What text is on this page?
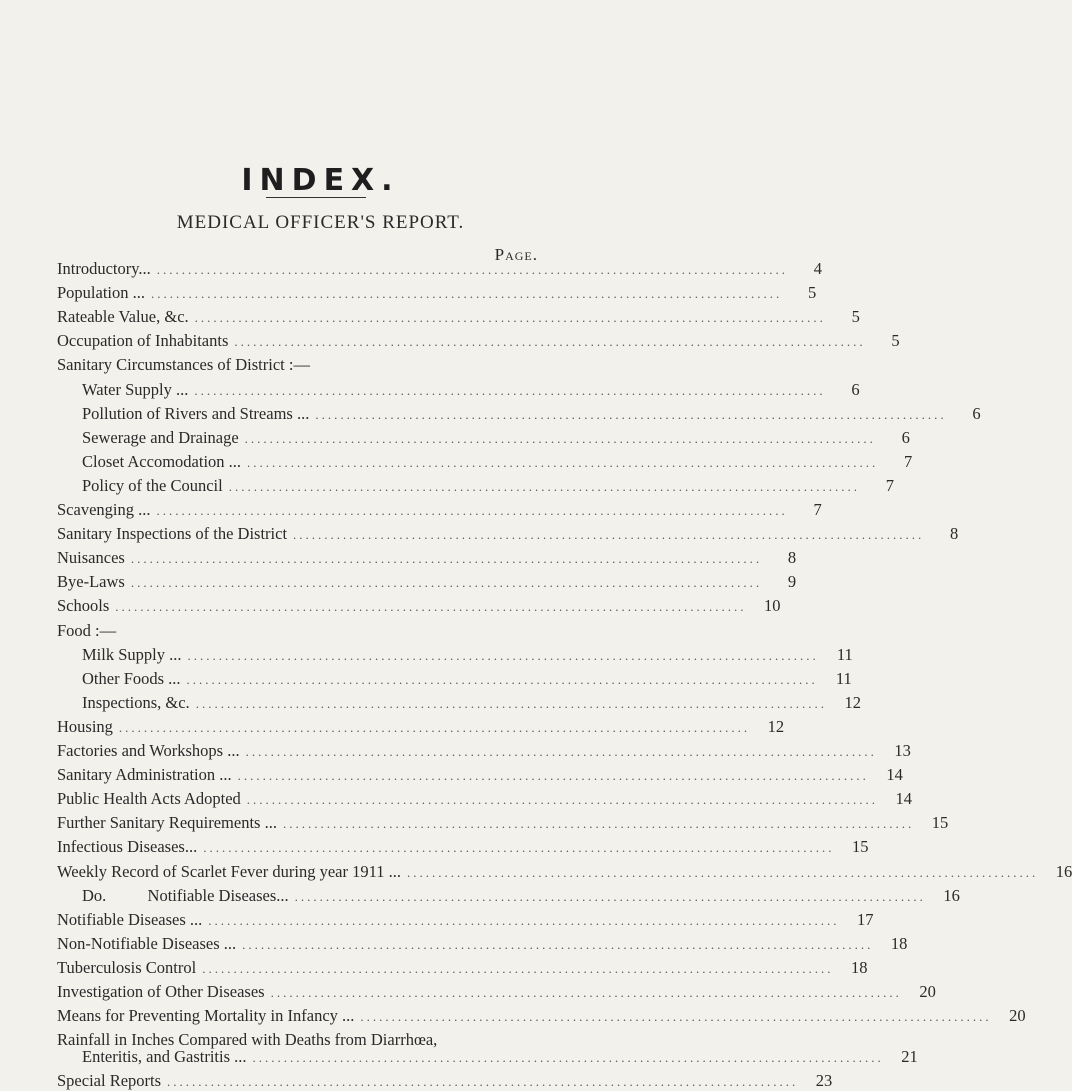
INDEX.
MEDICAL OFFICER'S REPORT.
Page.
Introductory... .....................................................................................................	4
Population ... .....................................................................................................	5
Rateable Value, &c. .....................................................................................................	5
Occupation of Inhabitants .....................................................................................................	5
Sanitary Circumstances of District :—
Water Supply ... .....................................................................................................	6
Pollution of Rivers and Streams ... .....................................................................................................	6
Sewerage and Drainage .....................................................................................................	6
Closet Accomodation ... .....................................................................................................	7
Policy of the Council .....................................................................................................	7
Scavenging ... .....................................................................................................	7
Sanitary Inspections of the District .....................................................................................................	8
Nuisances .....................................................................................................	8
Bye-Laws .....................................................................................................	9
Schools .....................................................................................................	10
Food :—
Milk Supply ... .....................................................................................................	11
Other Foods ... .....................................................................................................	11
Inspections, &c. .....................................................................................................	12
Housing .....................................................................................................	12
Factories and Workshops ... .....................................................................................................	13
Sanitary Administration ... .....................................................................................................	14
Public Health Acts Adopted .....................................................................................................	14
Further Sanitary Requirements ... .....................................................................................................	15
Infectious Diseases... .....................................................................................................	15
Weekly Record of Scarlet Fever during year 1911 ... .....................................................................................................	16
Do.          Notifiable Diseases... .....................................................................................................	16
Notifiable Diseases ... .....................................................................................................	17
Non-Notifiable Diseases ... .....................................................................................................	18
Tuberculosis Control .....................................................................................................	18
Investigation of Other Diseases .....................................................................................................	20
Means for Preventing Mortality in Infancy ... .....................................................................................................	20
Rainfall in Inches Compared with Deaths from Diarrhœa,
Enteritis, and Gastritis ... .....................................................................................................	21
Special Reports .....................................................................................................	23
